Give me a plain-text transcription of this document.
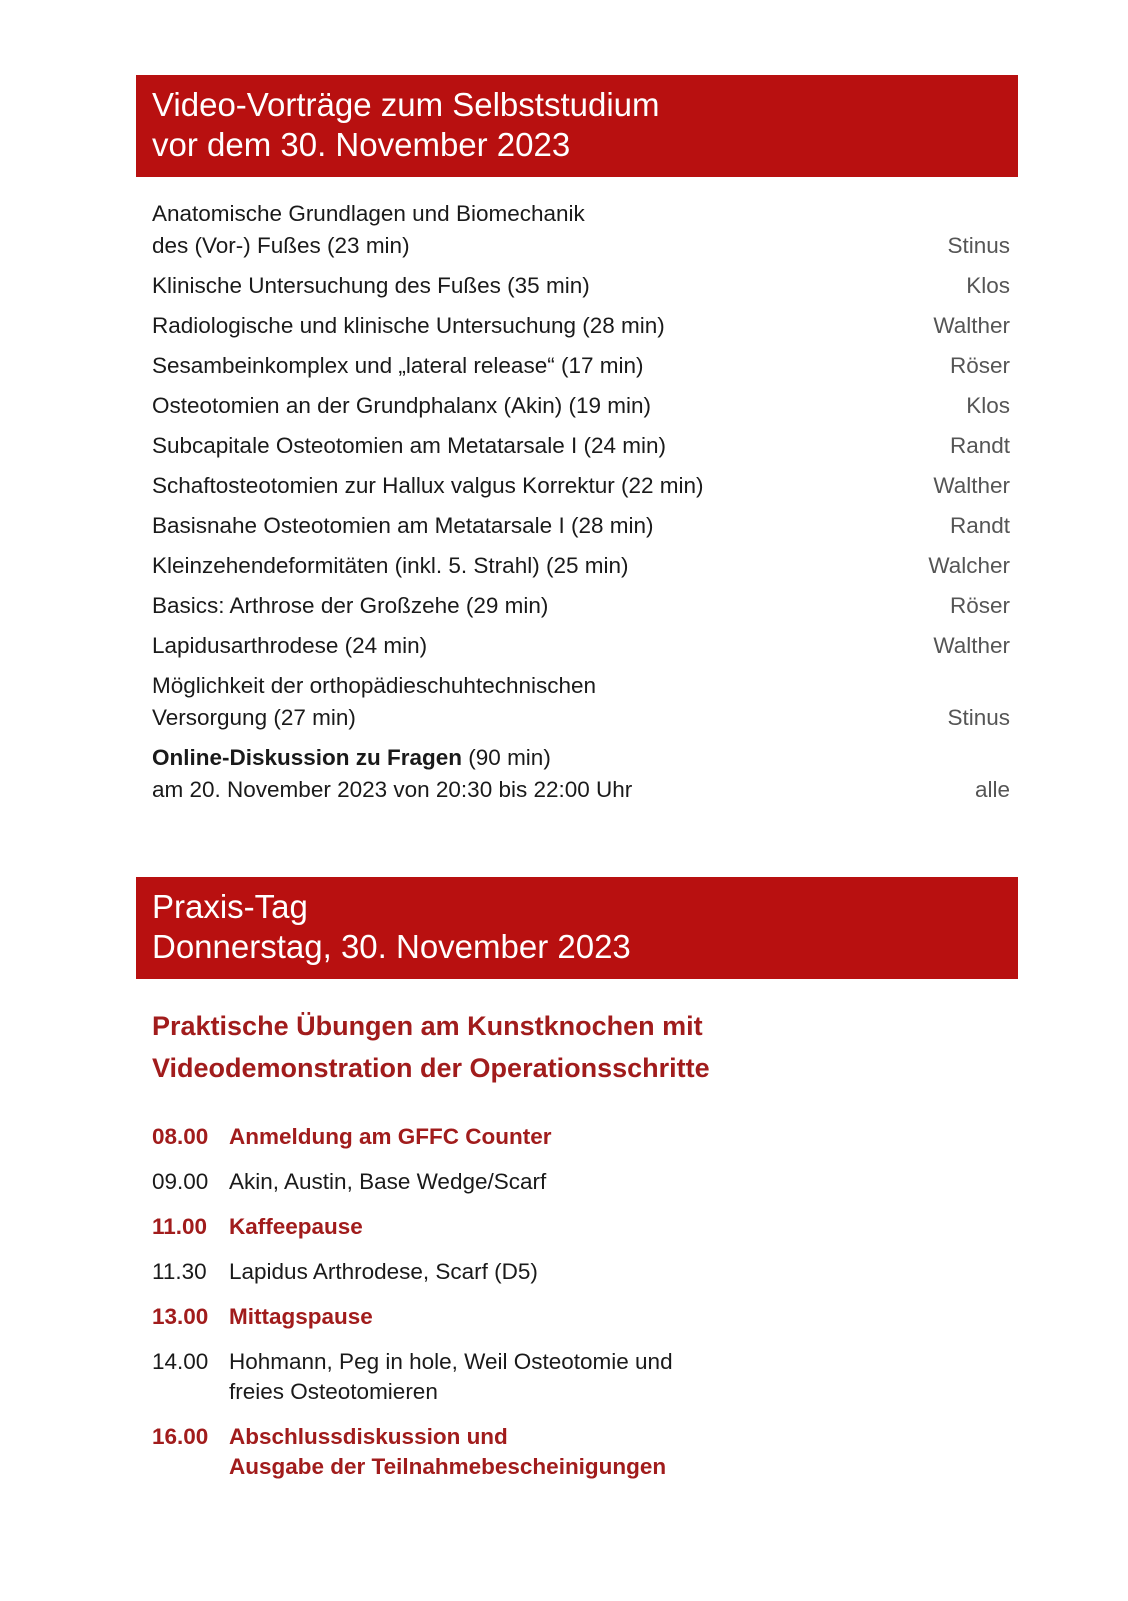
Video-Vorträge zum Selbststudium
vor dem 30. November 2023
Anatomische Grundlagen und Biomechanik
des (Vor-) Fußes (23 min)	Stinus
Klinische Untersuchung des Fußes (35 min)	Klos
Radiologische und klinische Untersuchung (28 min)	Walther
Sesambeinkomplex und „lateral release“ (17 min)	Röser
Osteotomien an der Grundphalanx (Akin) (19 min)	Klos
Subcapitale Osteotomien am Metatarsale I (24 min)	Randt
Schaftosteotomien zur Hallux valgus Korrektur (22 min)	Walther
Basisnahe Osteotomien am Metatarsale I (28 min)	Randt
Kleinzehendeformitäten (inkl. 5. Strahl) (25 min)	Walcher
Basics: Arthrose der Großzehe (29 min)	Röser
Lapidusarthrodese (24 min)	Walther
Möglichkeit der orthopädieschuhtechnischen
Versorgung (27 min)	Stinus
Online-Diskussion zu Fragen (90 min)
am 20. November 2023 von 20:30 bis 22:00 Uhr	alle
Praxis-Tag
Donnerstag, 30. November 2023
Praktische Übungen am Kunstknochen mit
Videodemonstration der Operationsschritte
08.00 Anmeldung am GFFC Counter
09.00 Akin, Austin, Base Wedge/Scarf
11.00 Kaffeepause
11.30 Lapidus Arthrodese, Scarf (D5)
13.00 Mittagspause
14.00 Hohmann, Peg in hole, Weil Osteotomie und
freies Osteotomieren
16.00 Abschlussdiskussion und
Ausgabe der Teilnahmebescheinigungen
